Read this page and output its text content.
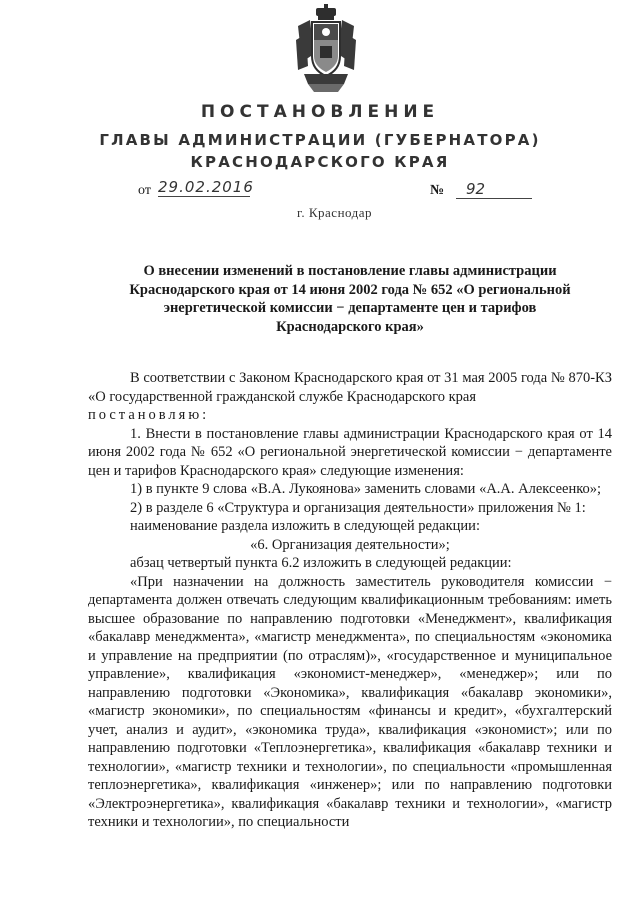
ПОСТАНОВЛЕНИЕ
ГЛАВЫ АДМИНИСТРАЦИИ (ГУБЕРНАТОРА)
КРАСНОДАРСКОГО КРАЯ
от 29.02.2016	№	92
г. Краснодар
О внесении изменений в постановление главы администрации Краснодарского края от 14 июня 2002 года № 652 «О региональной энергетической комиссии − департаменте цен и тарифов Краснодарского края»

В соответствии с Законом Краснодарского края от 31 мая 2005 года № 870-КЗ «О государственной гражданской службе Краснодарского края

постановляю:

1. Внести в постановление главы администрации Краснодарского края от 14 июня 2002 года № 652 «О региональной энергетической комиссии − департаменте цен и тарифов Краснодарского края» следующие изменения:

1) в пункте 9 слова «В.А. Лукоянова» заменить словами «А.А. Алексеенко»;

2) в разделе 6 «Структура и организация деятельности» приложения № 1:

наименование раздела изложить в следующей редакции:

«6. Организация деятельности»;

абзац четвертый пункта 6.2 изложить в следующей редакции:

«При назначении на должность заместитель руководителя комиссии − департамента должен отвечать следующим квалификационным требованиям: иметь высшее образование по направлению подготовки «Менеджмент», квалификация «бакалавр менеджмента», «магистр менеджмента», по специальностям «экономика и управление на предприятии (по отраслям)», «государственное и муниципальное управление», квалификация «экономист-менеджер», «менеджер»; или по направлению подготовки «Экономика», квалификация «бакалавр экономики», «магистр экономики», по специальностям «финансы и кредит», «бухгалтерский учет, анализ и аудит», «экономика труда», квалификация «экономист»; или по направлению подготовки «Теплоэнергетика», квалификация «бакалавр техники и технологии», «магистр техники и технологии», по специальности «промышленная теплоэнергетика», квалификация «инженер»; или по направлению подготовки «Электроэнергетика», квалификация «бакалавр техники и технологии», «магистр техники и технологии», по специальности
